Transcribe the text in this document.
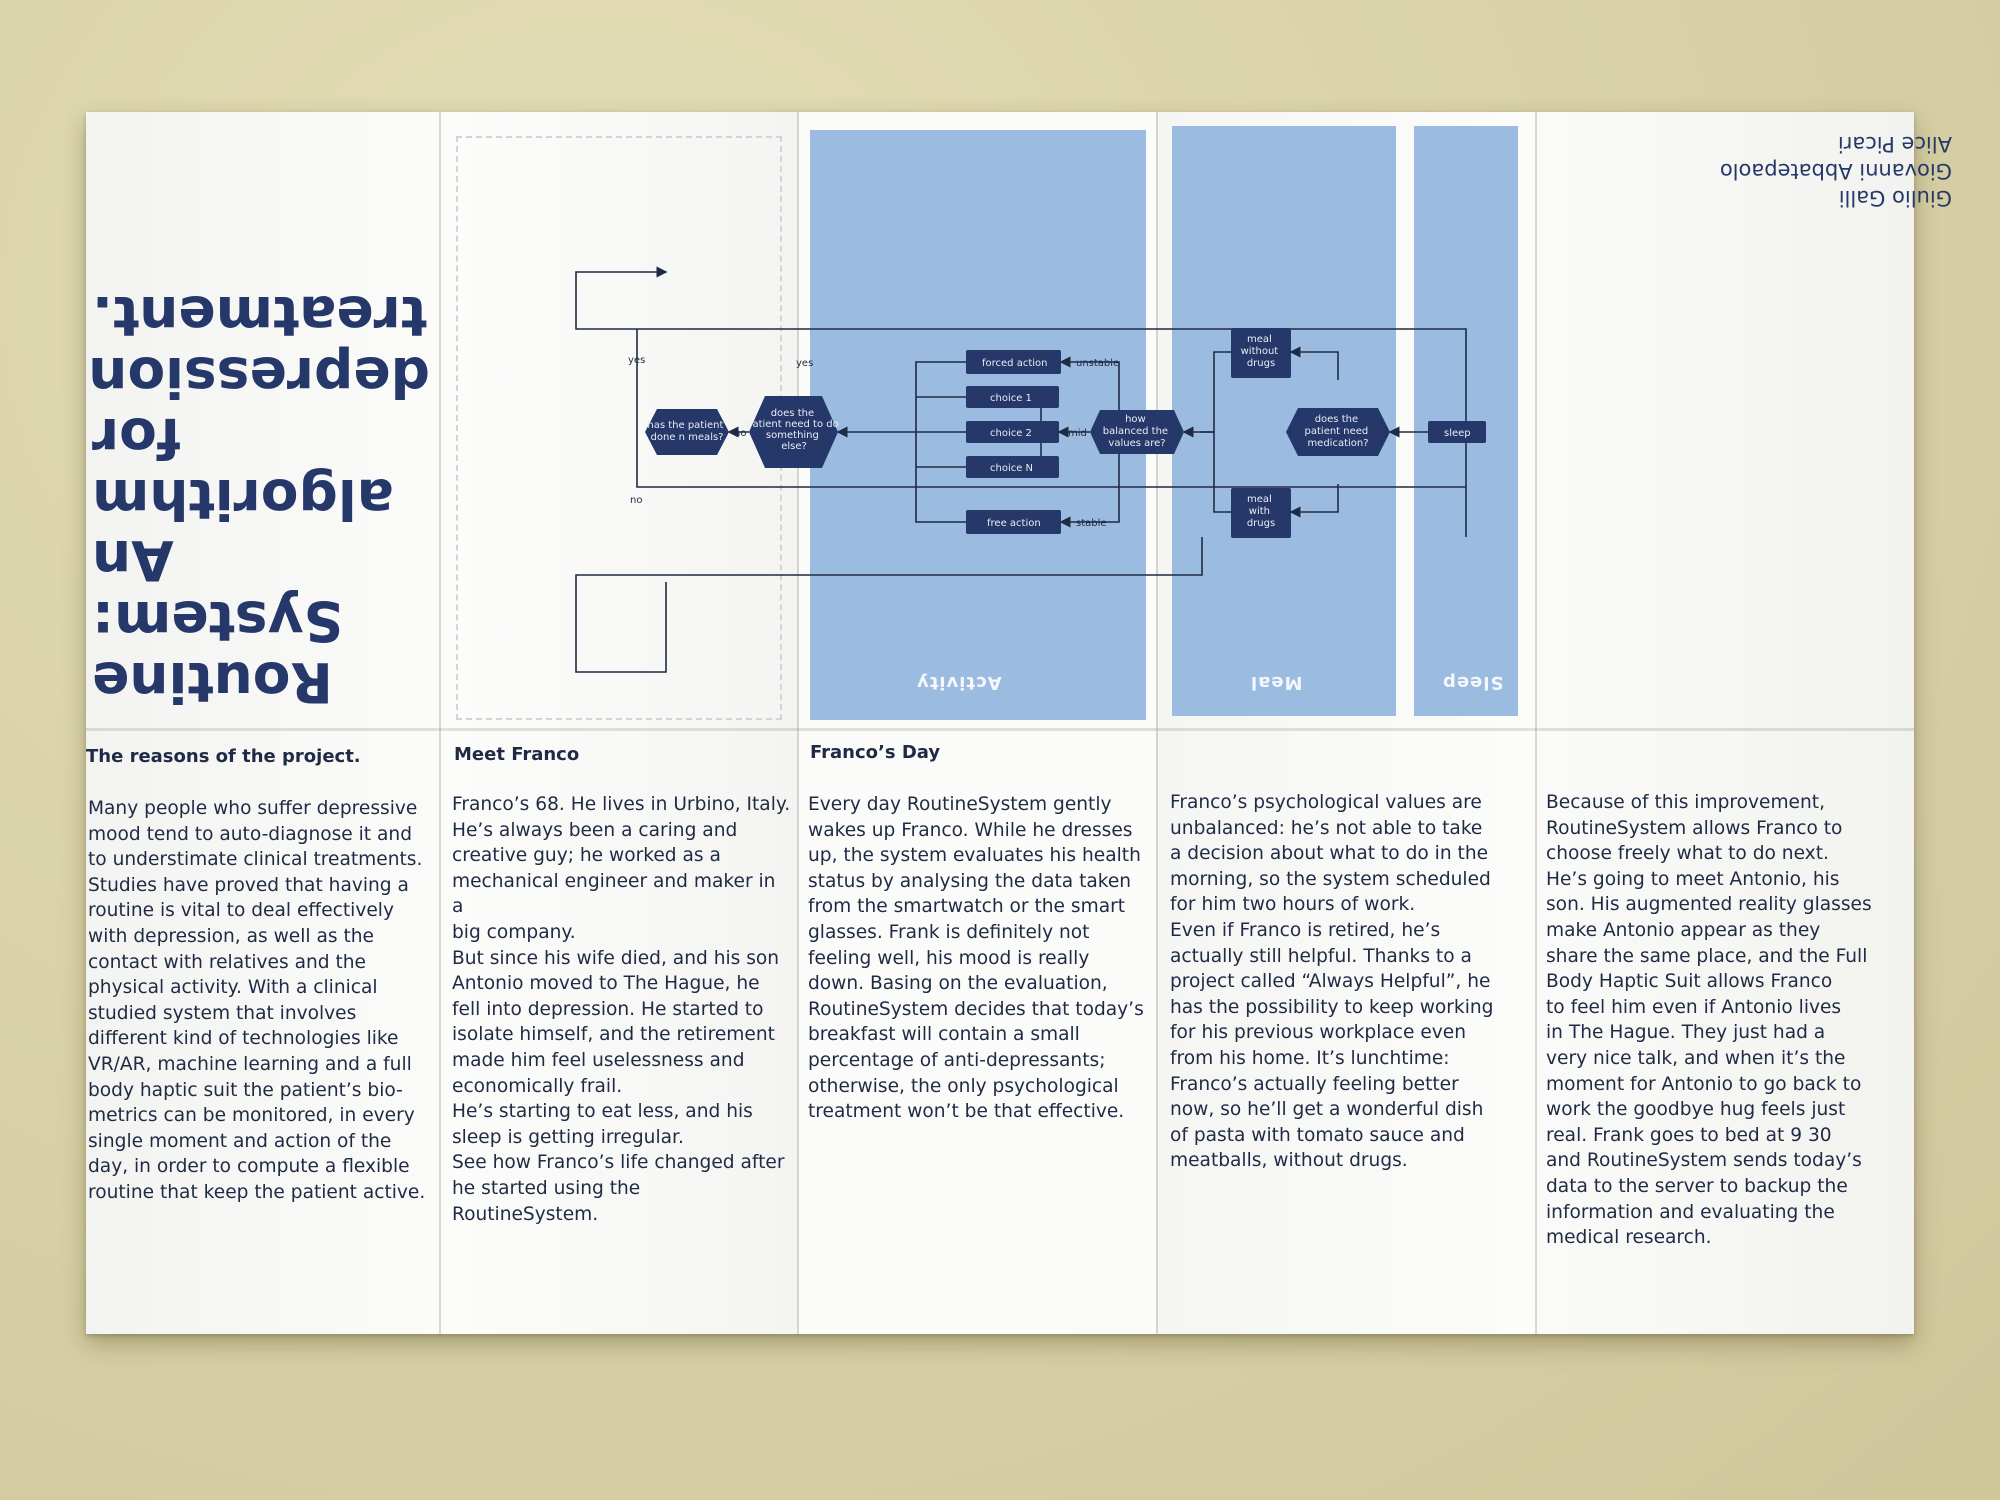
Activity	Meal	Sleep
Routine
System:
An algorithm
for depression
treatment.
Giulio Galli
Giovanni Abbatepaolo
Alice Picari
stable
unstable
mid
no
yes
yes
no
sleep
does the patient need medication?
meal with drugs
meal without drugs
how balanced the values are?
free action
choice N
choice 2
choice 1
forced action
does the patient need to do something else?
has the patient done n meals?
The reasons of the project.
Many people who suffer depressive
mood tend to auto-diagnose it and
to understimate clinical treatments.
Studies have proved that having a
routine is vital to deal effectively
with depression, as well as the
contact with relatives and the
physical activity. With a clinical
studied system that involves
different kind of technologies like
VR/AR, machine learning and a full
body haptic suit the patient’s bio-
metrics can be monitored, in every
single moment and action of the
day, in order to compute a flexible
routine that keep the patient active.
Meet Franco
Franco’s 68. He lives in Urbino, Italy.
He’s always been a caring and
creative guy; he worked as a
mechanical engineer and maker in a
big company.
But since his wife died, and his son
Antonio moved to The Hague, he
fell into depression. He started to
isolate himself, and the retirement
made him feel uselessness and
economically frail.
He’s starting to eat less, and his
sleep is getting irregular.
See how Franco’s life changed after
he started using the RoutineSystem.
Franco’s Day
Every day RoutineSystem gently
wakes up Franco. While he dresses
up, the system evaluates his health
status by analysing the data taken
from the smartwatch or the smart
glasses. Frank is definitely not
feeling well, his mood is really
down. Basing on the evaluation,
RoutineSystem decides that today’s
breakfast will contain a small
percentage of anti-depressants;
otherwise, the only psychological
treatment won’t be that effective.
Franco’s psychological values are
unbalanced: he’s not able to take
a decision about what to do in the
morning, so the system scheduled
for him two hours of work.
Even if Franco is retired, he’s
actually still helpful. Thanks to a
project called “Always Helpful”, he
has the possibility to keep working
for his previous workplace even
from his home. It’s lunchtime:
Franco’s actually feeling better
now, so he’ll get a wonderful dish
of pasta with tomato sauce and
meatballs, without drugs.
Because of this improvement,
RoutineSystem allows Franco to
choose freely what to do next.
He’s going to meet Antonio, his
son. His augmented reality glasses
make Antonio appear as they
share the same place, and the Full
Body Haptic Suit allows Franco
to feel him even if Antonio lives
in The Hague. They just had a
very nice talk, and when it’s the
moment for Antonio to go back to
work the goodbye hug feels just
real. Frank goes to bed at 9 30
and RoutineSystem sends today’s
data to the server to backup the
information and evaluating the
medical research.
